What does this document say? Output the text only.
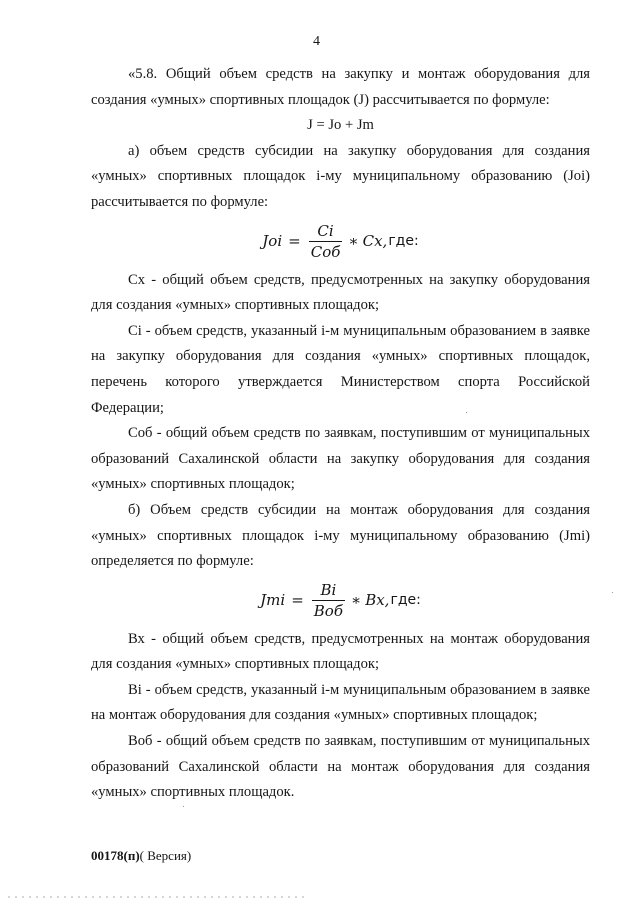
4

«5.8. Общий объем средств на закупку и монтаж оборудования для создания «умных» спортивных площадок (J) рассчитывается по формуле:

J = Jo + Jm

а) объем средств субсидии на закупку оборудования для создания «умных» спортивных площадок i-му муниципальному образованию (Joi) рассчитывается по формуле:

Joi = $\frac{Ci}{\text{Соб}}$ ∗ Cx, где:

Сх - общий объем средств, предусмотренных на закупку оборудования для создания «умных» спортивных площадок;

Ci - объем средств, указанный i-м муниципальным образованием в заявке на закупку оборудования для создания «умных» спортивных площадок, перечень которого утверждается Министерством спорта Российской Федерации;

Соб - общий объем средств по заявкам, поступившим от муниципальных образований Сахалинской области на закупку оборудования для создания «умных» спортивных площадок;

б) Объем средств субсидии на монтаж оборудования для создания «умных» спортивных площадок i-му муниципальному образованию (Jmi) определяется по формуле:

Jmi = $\frac{Bi}{\text{Воб}}$ ∗ Bx, где:

Вх - общий объем средств, предусмотренных на монтаж оборудования для создания «умных» спортивных площадок;

Bi - объем средств, указанный i-м муниципальным образованием в заявке на монтаж оборудования для создания «умных» спортивных площадок;

Воб - общий объем средств по заявкам, поступившим от муниципальных образований Сахалинской области на монтаж оборудования для создания «умных» спортивных площадок.

00178(п)( Версия)
